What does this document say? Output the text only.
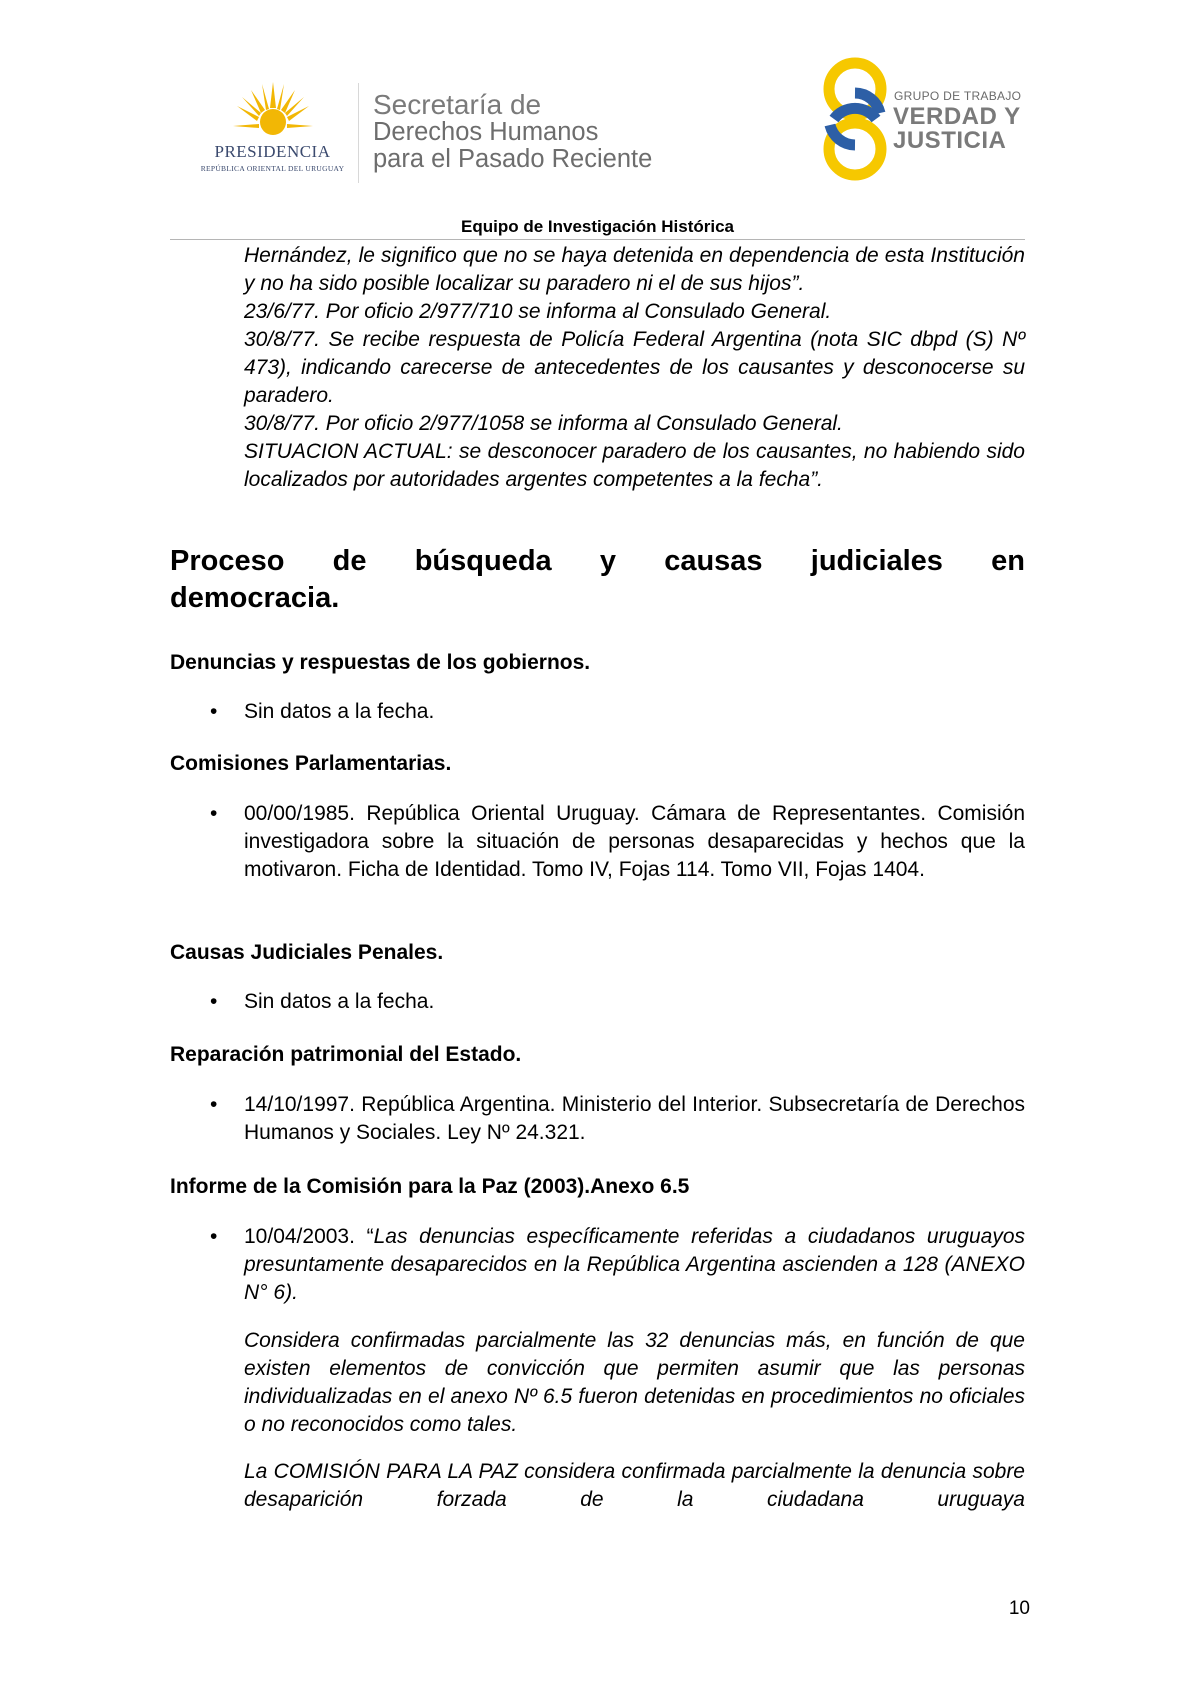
PRESIDENCIA
REPÚBLICA ORIENTAL DEL URUGUAY
Secretaría de
Derechos Humanos
para el Pasado Reciente
GRUPO DE TRABAJO
VERDAD Y
JUSTICIA
Equipo de Investigación Histórica

Hernández, le significo que no se haya detenida en dependencia de esta Institución y no ha sido posible localizar su paradero ni el de sus hijos”.

23/6/77. Por oficio 2/977/710 se informa al Consulado General.

30/8/77. Se recibe respuesta de Policía Federal Argentina (nota SIC dbpd (S) Nº 473), indicando carecerse de antecedentes de los causantes y desconocerse su paradero.

30/8/77. Por oficio 2/977/1058 se informa al Consulado General.

SITUACION ACTUAL: se desconocer paradero de los causantes, no habiendo sido localizados por autoridades argentes competentes a la fecha”.

Proceso de búsqueda y causas judiciales en
democracia.
Denuncias y respuestas de los gobiernos.
• Sin datos a la fecha.
Comisiones Parlamentarias.
• 00/00/1985. República Oriental Uruguay. Cámara de Representantes. Comisión investigadora sobre la situación de personas desaparecidas y hechos que la motivaron. Ficha de Identidad. Tomo IV, Fojas 114. Tomo VII, Fojas 1404.
Causas Judiciales Penales.
• Sin datos a la fecha.
Reparación patrimonial del Estado.
• 14/10/1997. República Argentina. Ministerio del Interior. Subsecretaría de Derechos Humanos y Sociales. Ley Nº 24.321.
Informe de la Comisión para la Paz (2003).Anexo 6.5
• 10/04/2003. “Las denuncias específicamente referidas a ciudadanos uruguayos presuntamente desaparecidos en la República Argentina ascienden a 128 (ANEXO N° 6).

Considera confirmadas parcialmente las 32 denuncias más, en función de que existen elementos de convicción que permiten asumir que las personas individualizadas en el anexo Nº 6.5 fueron detenidas en procedimientos no oficiales o no reconocidos como tales.

La COMISIÓN PARA LA PAZ considera confirmada parcialmente la denuncia sobre desaparición forzada de la ciudadana uruguaya

10
